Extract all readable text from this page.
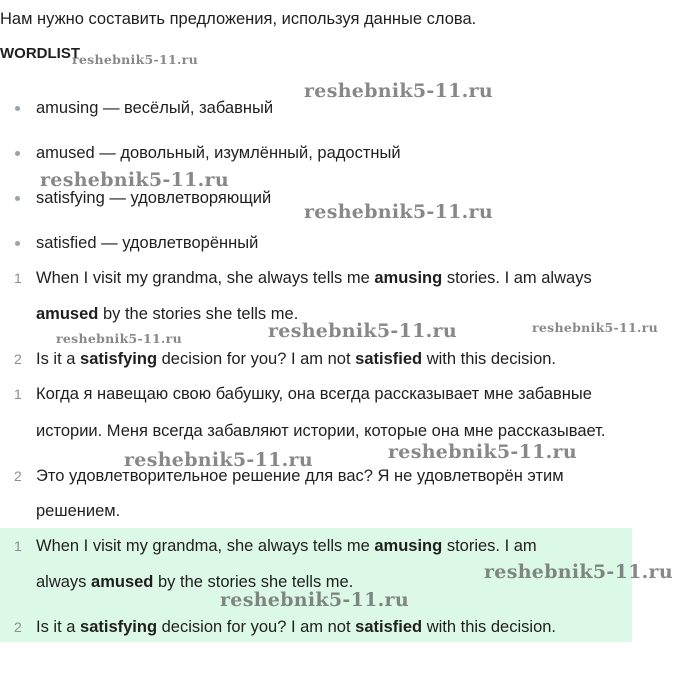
Нам нужно составить предложения, используя данные слова.
WORDLIST
amusing — весёлый, забавный
amused — довольный, изумлённый, радостный
satisfying — удовлетворяющий
satisfied — удовлетворённый
1 When I visit my grandma, she always tells me amusing stories. I am always
amused by the stories she tells me.
2 Is it a satisfying decision for you? I am not satisfied with this decision.
1 Когда я навещаю свою бабушку, она всегда рассказывает мне забавные
истории. Меня всегда забавляют истории, которые она мне рассказывает.
2 Это удовлетворительное решение для вас? Я не удовлетворён этим
решением.
1 When I visit my grandma, she always tells me amusing stories. I am
always amused by the stories she tells me.
2 Is it a satisfying decision for you? I am not satisfied with this decision.
reshebnik5-11.ru
reshebnik5-11.ru
reshebnik5-11.ru
reshebnik5-11.ru
reshebnik5-11.ru	reshebnik5-11.ru	reshebnik5-11.ru
reshebnik5-11.ru
reshebnik5-11.ru
reshebnik5-11.ru
reshebnik5-11.ru
